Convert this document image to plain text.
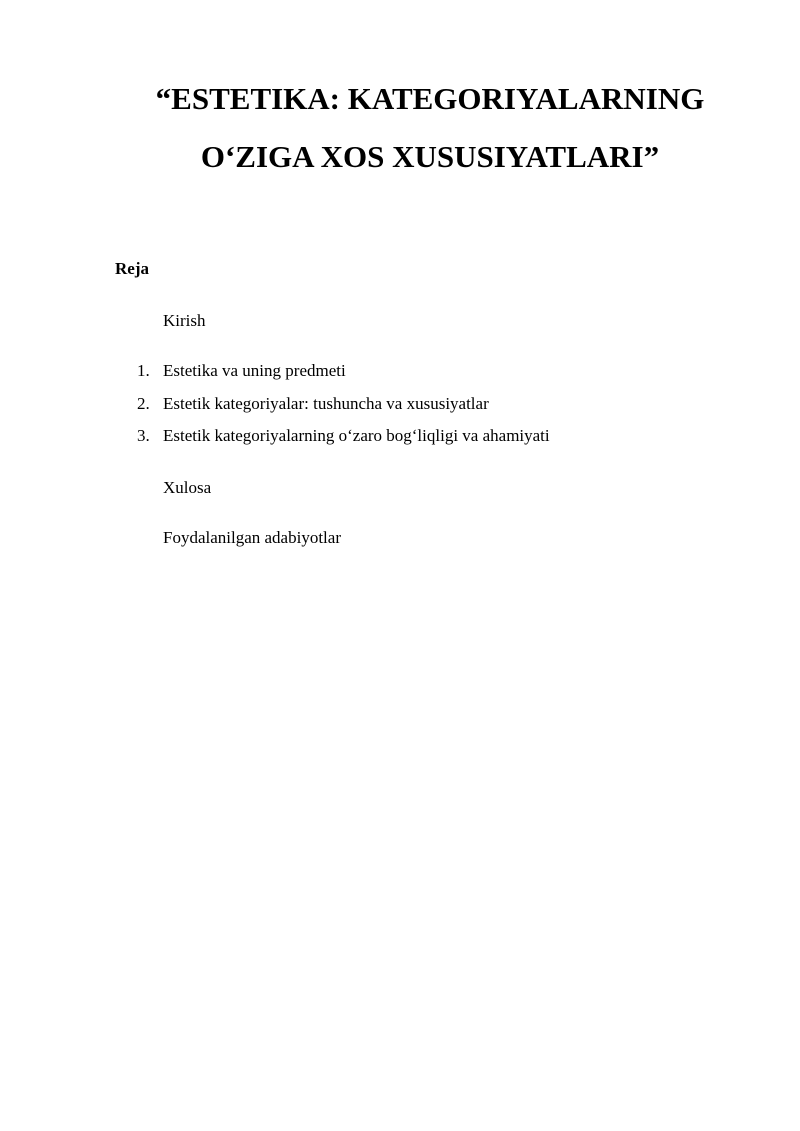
“ESTETIKA: KATEGORIYALARNING
O‘ZIGA XOS XUSUSIYATLARI”
Reja
Kirish
1. Estetika va uning predmeti
2. Estetik kategoriyalar: tushuncha va xususiyatlar
3. Estetik kategoriyalarning o‘zaro bog‘liqligi va ahamiyati
Xulosa
Foydalanilgan adabiyotlar
